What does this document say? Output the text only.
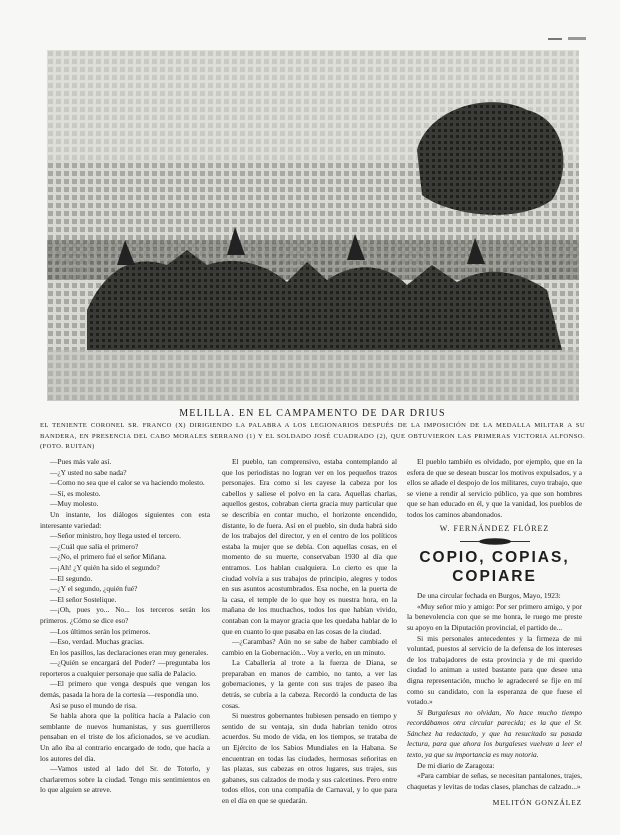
MELILLA. EN EL CAMPAMENTO DE DAR DRIUS
EL TENIENTE CORONEL SR. FRANCO (X) DIRIGIENDO LA PALABRA A LOS LEGIONARIOS DESPUÉS DE LA IMPOSICIÓN DE LA MEDALLA MILITAR A SU BANDERA, EN PRESENCIA DEL CABO MORALES SERRANO (1) Y EL SOLDADO JOSÉ CUADRADO (2), QUE OBTUVIERON LAS PRIMERAS VICTORIA ALFONSO. (FOTO. RUITAN)

—Pues más vale así.

—¿Y usted no sabe nada?

—Como no sea que el calor se va haciendo molesto.

—Sí, es molesto.

—Muy molesto.

Un instante, los diálogos siguientes con esta interesante variedad:

—Señor ministro, hoy llega usted el tercero.

—¿Cuál que salía el primero?

—¿No, el primero fué el señor Miñana.

—¡Ah! ¿Y quién ha sido el segundo?

—El segundo.

—¿Y el segundo, ¿quién fué?

—El señor Sostelique.

—¡Oh, pues yo... No... los terceros serán los primeros. ¿Cómo se dice eso?

—Los últimos serán los primeros.

—Eso, verdad. Muchas gracias.

En los pasillos, las declaraciones eran muy generales.

—¿Quién se encargará del Poder? —preguntaba los reporteros a cualquier personaje que salía de Palacio.

—El primero que venga después que vengan los demás, pasada la hora de la cortesía —respondía uno.

Así se puso el mundo de risa.

Se habla ahora que la política hacía a Palacio con semblante de nuevos humanistas, y sus guerrilleros pensaban en el triste de los aficionados, se ve acudían. Un año iba al contrario encargado de todo, que hacía a los autores del día.

—Vamos usted al lado del Sr. de Totorlo, y charlaremos sobre la ciudad. Tengo mis sentimientos en lo que alguien se atreve.

El pueblo, tan comprensivo, estaba contemplando al que los periodistas no logran ver en los pequeños trazos personajes. Era como si les cayese la cabeza por los cabellos y saliese el polvo en la cara. Aquellas charlas, aquellos gestos, cobraban cierta gracia muy particular que se describía en contar mucho, el horizonte encendido, distante, lo de fuera. Así en el pueblo, sin duda habrá sido de los trabajos del director, y en el centro de los políticos estaba la mujer que se debía. Con aquellas cosas, en el momento de su muerte, conservaban 1930 al día que entramos. Los hablan cualquiera. Lo cierto es que la ciudad volvía a sus trabajos de principio, alegres y todos en sus asuntos acostumbrados. Esa noche, en la puerta de la casa, el temple de lo que hoy es nuestra hora, en la mañana de los muchachos, todos los que habían vivido, contaban con la mayor gracia que les quedaba hablar de lo que en cuanto lo que pasaba en las cosas de la ciudad.

—¿Carambas? Aún no se sabe de haber cambiado el cambio en la Gobernación... Voy a verlo, en un minuto.

La Caballería al trote a la fuerza de Diana, se preparaban en manos de cambio, no tanto, a ver las gobernaciones, y la gente con sus trajes de paseo iba detrás, se cubría a la cabeza. Recordó la conducta de las cosas.

Si nuestros gobernantes hubiesen pensado en tiempo y sentido de su ventaja, sin duda habrían tenido otros acuerdos. Su modo de vida, en los tiempos, se trataba de un Ejército de los Sabios Mundiales en la Habana. Se encuentran en todas las ciudades, hermosas señoritas en las plazas, sus cabezas en otros lugares, sus trajes, sus gabanes, sus calzados de moda y sus calcetines. Pero entre todos ellos, con una compañía de Carnaval, y lo que para en el día en que se quedarán.

El pueblo también es olvidado, por ejemplo, que en la esfera de que se desean buscar los motivos expulsados, y a ellos se añade el despojo de los militares, cuyo trabajo, que se viene a rendir al servicio público, ya que son hombres que se han educado en él, y que la vanidad, los pueblos de todos los caminos abandonados.

W. FERNÁNDEZ FLÓREZ
COPIO, COPIAS,
COPIARE

De una circular fechada en Burgos, Mayo, 1923:

«Muy señor mío y amigo: Por ser primero amigo, y por la benevolencia con que se me honra, le ruego me preste su apoyo en la Diputación provincial, el partido de...

Si mis personales antecedentes y la firmeza de mi voluntad, puestos al servicio de la defensa de los intereses de los trabajadores de esta provincia y de mi querido ciudad lo animan a usted bastante para que desee una digna representación, mucho le agradeceré se fije en mí como su candidato, con la esperanza de que fuese el votado.»

Si Burgalesas no olvidan, No hace mucho tiempo recordábamos otra circular parecida; es la que el Sr. Sánchez ha redactado, y que ha resucitado su pasada lectura, para que ahora los burgaleses vuelvan a leer el texto, ya que su importancia es muy notoria.

De mi diario de Zaragoza:

«Para cambiar de señas, se necesitan pantalones, trajes, chaquetas y levitas de todas clases, planchas de calzado...»

MELITÓN GONZÁLEZ
